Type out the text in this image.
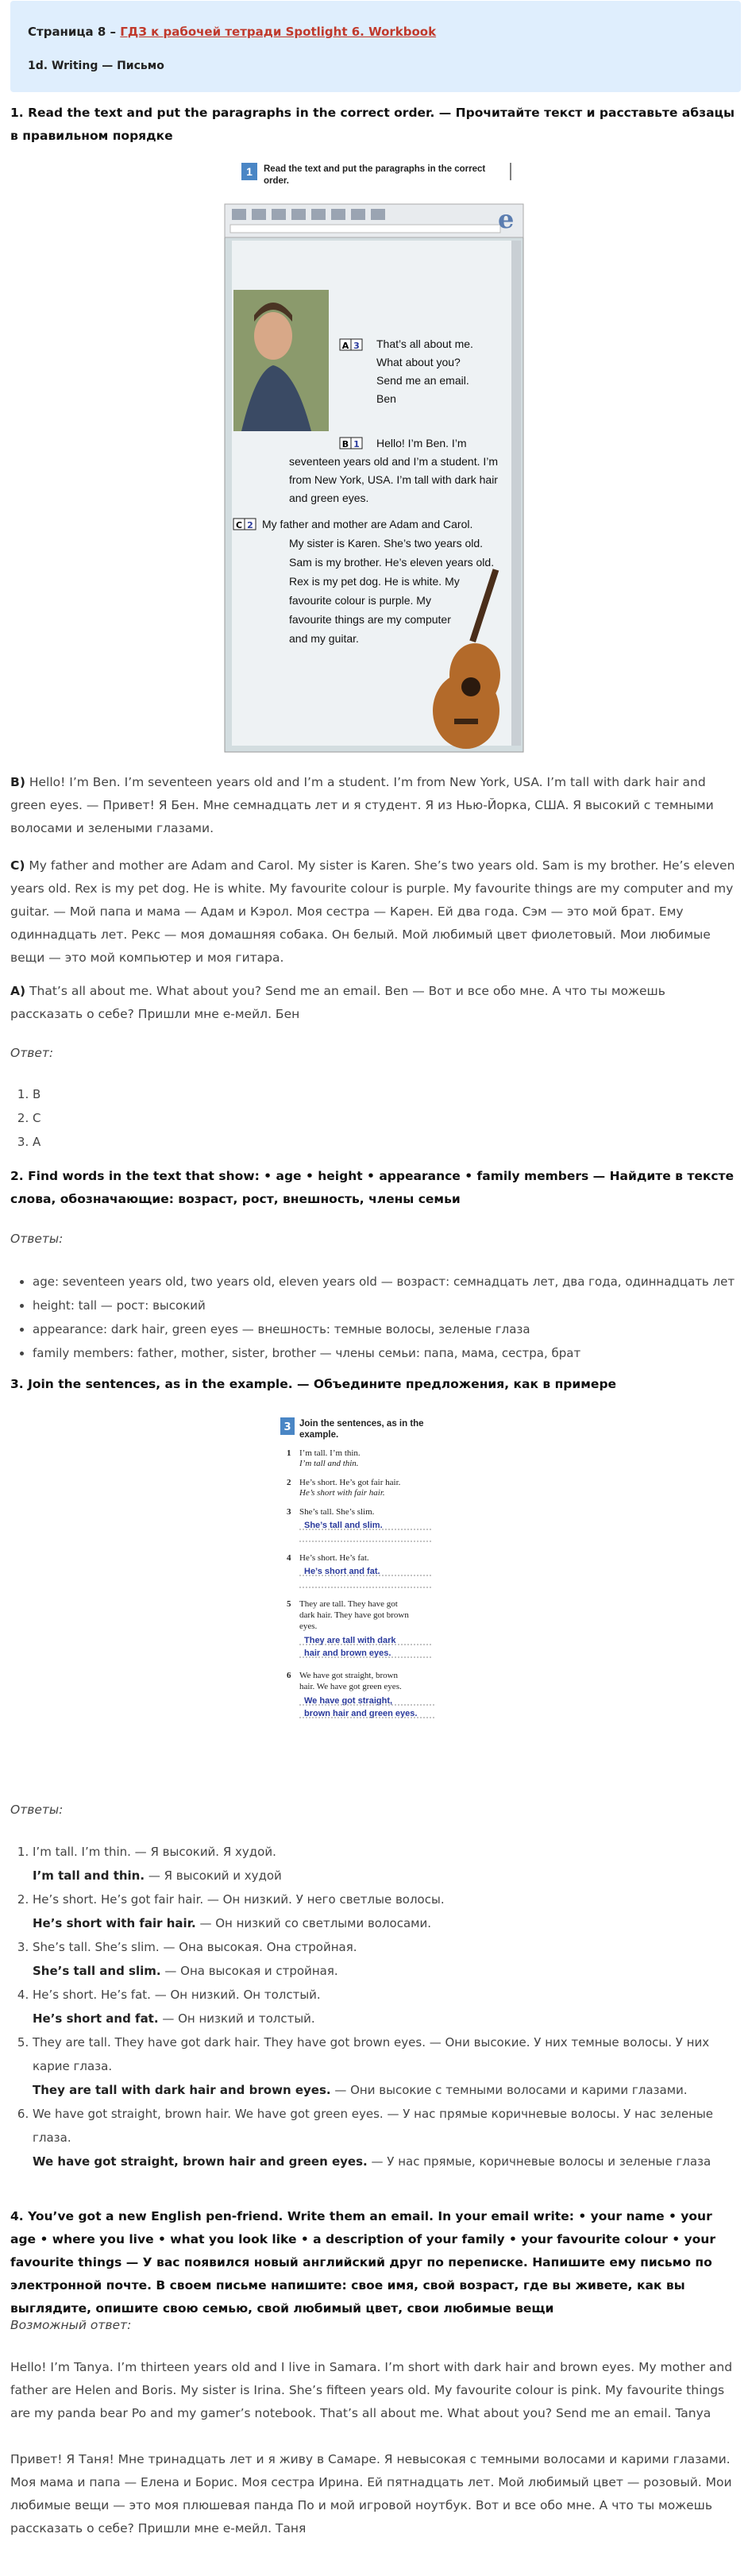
Страница 8 – ГДЗ к рабочей тетради Spotlight 6. Workbook
1d. Writing — Письмо
1. Read the text and put the paragraphs in the correct order. — Прочитайте текст и расставьте абзацы в правильном порядке
1 Read the text and put the paragraphs in the correct order.
e
A 3 That’s all about me.
What about you?
Send me an email.
Ben
B 1 Hello! I’m Ben. I’m
seventeen years old and I’m a student. I’m
from New York, USA. I’m tall with dark hair
and green eyes.
C 2 My father and mother are Adam and Carol.
My sister is Karen. She’s two years old.
Sam is my brother. He’s eleven years old.
Rex is my pet dog. He is white. My
favourite colour is purple. My
favourite things are my computer
and my guitar.

B) Hello! I’m Ben. I’m seventeen years old and I’m a student. I’m from New York, USA. I’m tall with dark hair and green eyes. — Привет! Я Бен. Мне семнадцать лет и я студент. Я из Нью-Йорка, США. Я высокий с темными волосами и зелеными глазами.

C) My father and mother are Adam and Carol. My sister is Karen. She’s two years old. Sam is my brother. He’s eleven years old. Rex is my pet dog. He is white. My favourite colour is purple. My favourite things are my computer and my guitar. — Мой папа и мама — Адам и Кэрол. Моя сестра — Карен. Ей два года. Сэм — это мой брат. Ему одиннадцать лет. Рекс — моя домашняя собака. Он белый. Мой любимый цвет фиолетовый. Мои любимые вещи — это мой компьютер и моя гитара.

A) That’s all about me. What about you? Send me an email. Ben — Вот и все обо мне. А что ты можешь рассказать о себе? Пришли мне е-мейл. Бен

Ответ:

1. B
2. C
3. A
2. Find words in the text that show: • age • height • appearance • family members — Найдите в тексте слова, обозначающие: возраст, рост, внешность, члены семьи

Ответы:

• age: seventeen years old, two years old, eleven years old — возраст: семнадцать лет, два года, одиннадцать лет
• height: tall — рост: высокий
• appearance: dark hair, green eyes — внешность: темные волосы, зеленые глаза
• family members: father, mother, sister, brother — члены семьи: папа, мама, сестра, брат
3. Join the sentences, as in the example. — Объедините предложения, как в примере
3 Join the sentences, as in the
example.
1 I’m tall. I’m thin.
I’m tall and thin.
2 He’s short. He’s got fair hair.
He’s short with fair hair.
3 She’s tall. She’s slim.
She’s tall and slim.
4 He’s short. He’s fat.
He’s short and fat.
5 They are tall. They have got
dark hair. They have got brown
eyes.
They are tall with dark
hair and brown eyes.
6 We have got straight, brown
hair. We have got green eyes.
We have got straight,
brown hair and green eyes.

Ответы:

1. I’m tall. I’m thin. — Я высокий. Я худой.
I’m tall and thin. — Я высокий и худой
2. He’s short. He’s got fair hair. — Он низкий. У него светлые волосы.
He’s short with fair hair. — Он низкий со светлыми волосами.
3. She’s tall. She’s slim. — Она высокая. Она стройная.
She’s tall and slim. — Она высокая и стройная.
4. He’s short. He’s fat. — Он низкий. Он толстый.
He’s short and fat. — Он низкий и толстый.
5. They are tall. They have got dark hair. They have got brown eyes. — Они высокие. У них темные волосы. У них карие глаза.
They are tall with dark hair and brown eyes. — Они высокие с темными волосами и карими глазами.
6. We have got straight, brown hair. We have got green eyes. — У нас прямые коричневые волосы. У нас зеленые глаза.
We have got straight, brown hair and green eyes. — У нас прямые, коричневые волосы и зеленые глаза
4. You’ve got a new English pen-friend. Write them an email. In your email write: • your name • your age • where you live • what you look like • a description of your family • your favourite colour • your favourite things — У вас появился новый английский друг по переписке. Напишите ему письмо по электронной почте. В своем письме напишите: свое имя, свой возраст, где вы живете, как вы выглядите, опишите свою семью, свой любимый цвет, свои любимые вещи

Возможный ответ:

Hello! I’m Tanya. I’m thirteen years old and I live in Samara. I’m short with dark hair and brown eyes. My mother and father are Helen and Boris. My sister is Irina. She’s fifteen years old. My favourite colour is pink. My favourite things are my panda bear Po and my gamer’s notebook. That’s all about me. What about you? Send me an email. Tanya

Привет! Я Таня! Мне тринадцать лет и я живу в Самаре. Я невысокая с темными волосами и карими глазами. Моя мама и папа — Елена и Борис. Моя сестра Ирина. Ей пятнадцать лет. Мой любимый цвет — розовый. Мои любимые вещи — это моя плюшевая панда По и мой игровой ноутбук. Вот и все обо мне. А что ты можешь рассказать о себе? Пришли мне е-мейл. Таня
